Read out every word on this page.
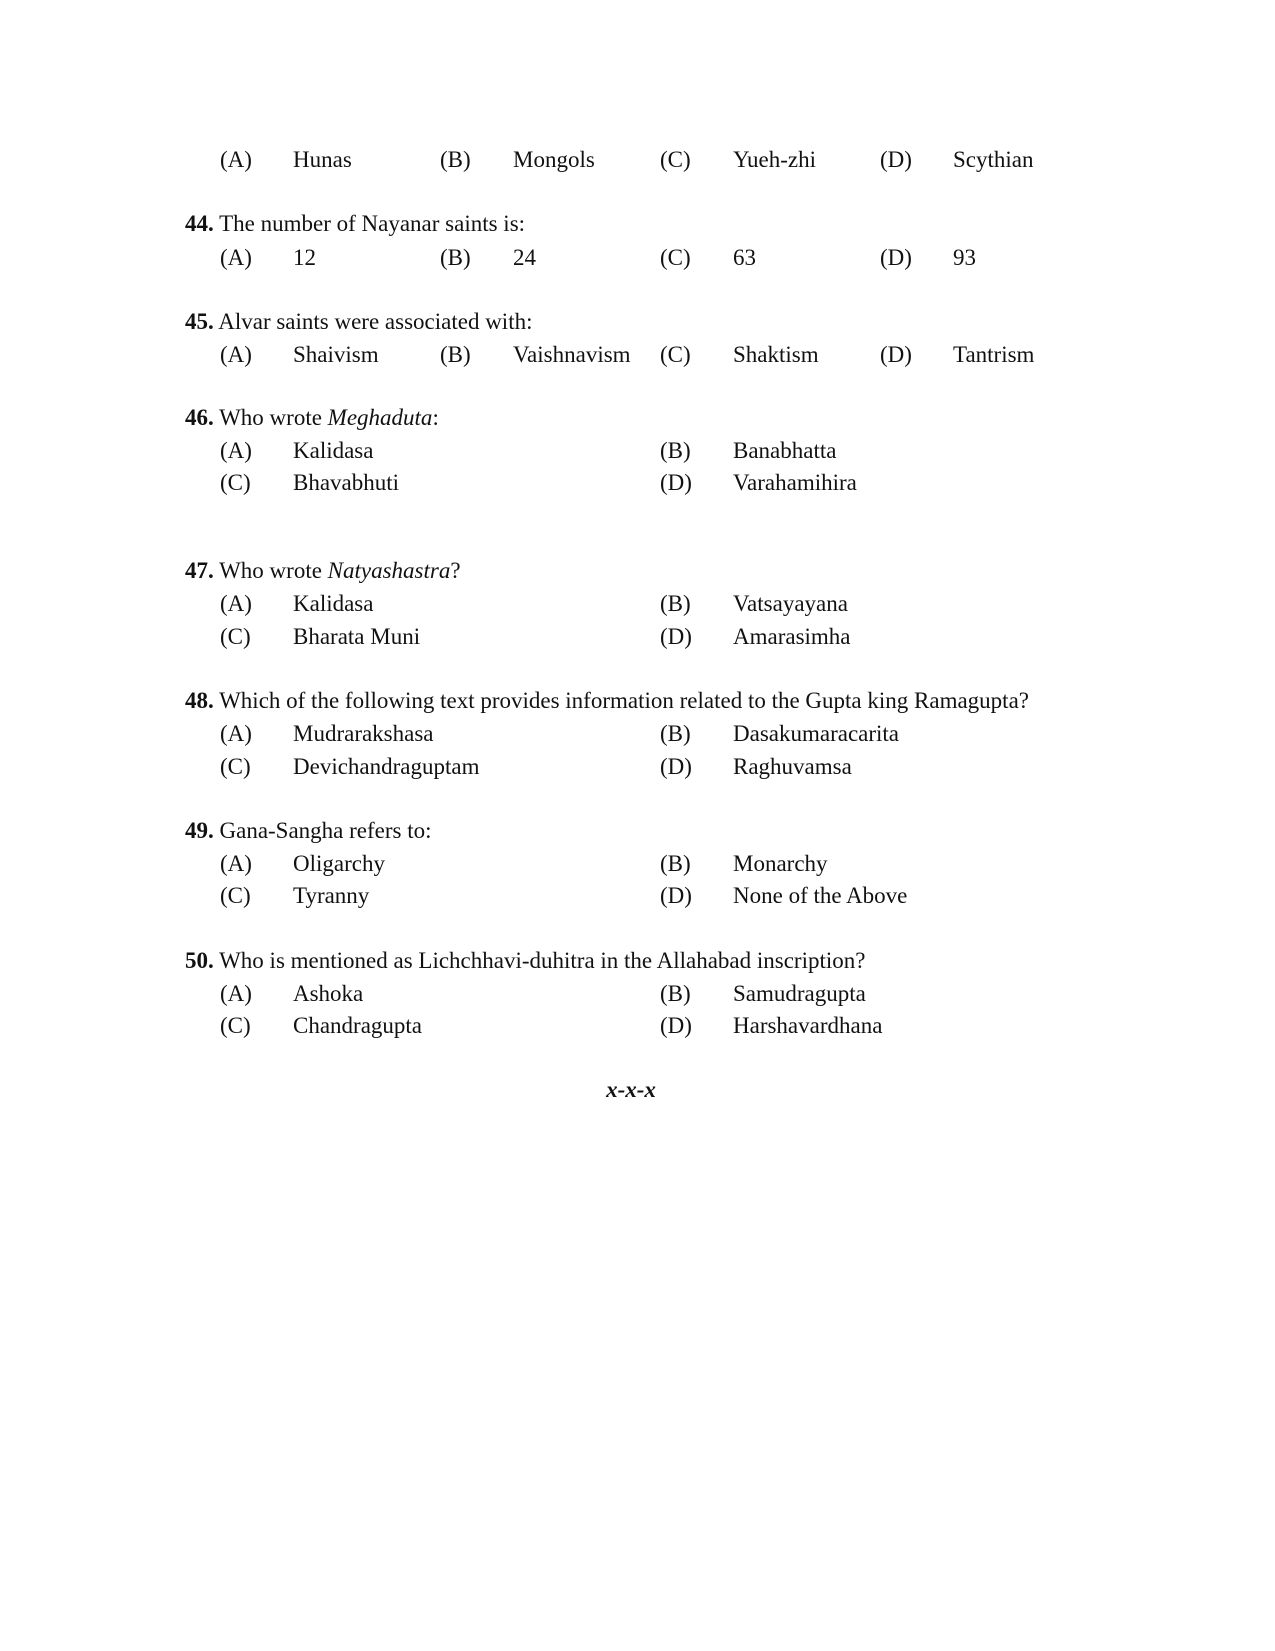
(A) Hunas	(B) Mongols	(C) Yueh-zhi	(D) Scythian
44. The number of Nayanar saints is:
(A) 12	(B) 24	(C) 63	(D) 93
45. Alvar saints were associated with:
(A) Shaivism	(B) Vaishnavism (C) Shaktism	(D) Tantrism
46. Who wrote Meghaduta:
(A) Kalidasa	(B) Banabhatta
(C) Bhavabhuti	(D) Varahamihira
47. Who wrote Natyashastra?
(A) Kalidasa	(B) Vatsayayana
(C) Bharata Muni	(D) Amarasimha
48. Which of the following text provides information related to the Gupta king Ramagupta?
(A) Mudrarakshasa	(B) Dasakumaracarita
(C) Devichandraguptam	(D) Raghuvamsa
49. Gana-Sangha refers to:
(A) Oligarchy	(B) Monarchy
(C) Tyranny	(D) None of the Above
50. Who is mentioned as Lichchhavi-duhitra in the Allahabad inscription?
(A) Ashoka	(B) Samudragupta
(C) Chandragupta	(D) Harshavardhana
x-x-x
